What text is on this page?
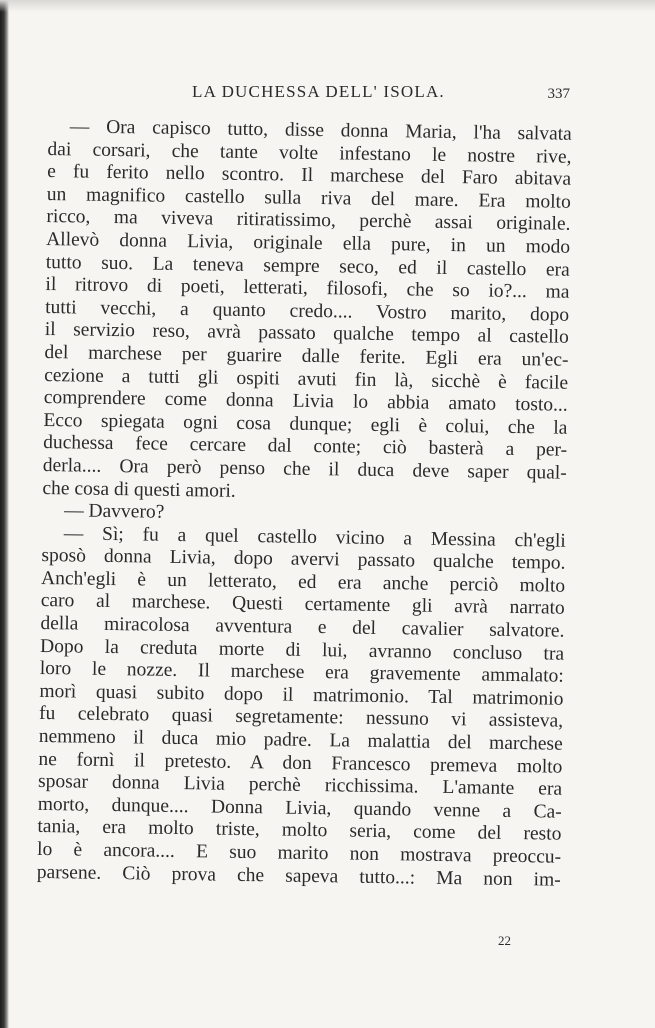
LA DUCHESSA DELL' ISOLA.	337
— Ora capisco tutto, disse donna Maria, l'ha salvata
dai corsari, che tante volte infestano le nostre rive,
e fu ferito nello scontro. Il marchese del Faro abitava
un magnifico castello sulla riva del mare. Era molto
ricco, ma viveva ritiratissimo, perchè assai originale.
Allevò donna Livia, originale ella pure, in un modo
tutto suo. La teneva sempre seco, ed il castello era
il ritrovo di poeti, letterati, filosofi, che so io?... ma
tutti vecchi, a quanto credo.... Vostro marito, dopo
il servizio reso, avrà passato qualche tempo al castello
del marchese per guarire dalle ferite. Egli era un'ec-
cezione a tutti gli ospiti avuti fin là, sicchè è facile
comprendere come donna Livia lo abbia amato tosto...
Ecco spiegata ogni cosa dunque; egli è colui, che la
duchessa fece cercare dal conte; ciò basterà a per-
derla.... Ora però penso che il duca deve saper qual-
che cosa di questi amori.
— Davvero?
— Sì; fu a quel castello vicino a Messina ch'egli
sposò donna Livia, dopo avervi passato qualche tempo.
Anch'egli è un letterato, ed era anche perciò molto
caro al marchese. Questi certamente gli avrà narrato
della miracolosa avventura e del cavalier salvatore.
Dopo la creduta morte di lui, avranno concluso tra
loro le nozze. Il marchese era gravemente ammalato:
morì quasi subito dopo il matrimonio. Tal matrimonio
fu celebrato quasi segretamente: nessuno vi assisteva,
nemmeno il duca mio padre. La malattia del marchese
ne fornì il pretesto. A don Francesco premeva molto
sposar donna Livia perchè ricchissima. L'amante era
morto, dunque.... Donna Livia, quando venne a Ca-
tania, era molto triste, molto seria, come del resto
lo è ancora.... E suo marito non mostrava preoccu-
parsene. Ciò prova che sapeva tutto...: Ma non im-
22
